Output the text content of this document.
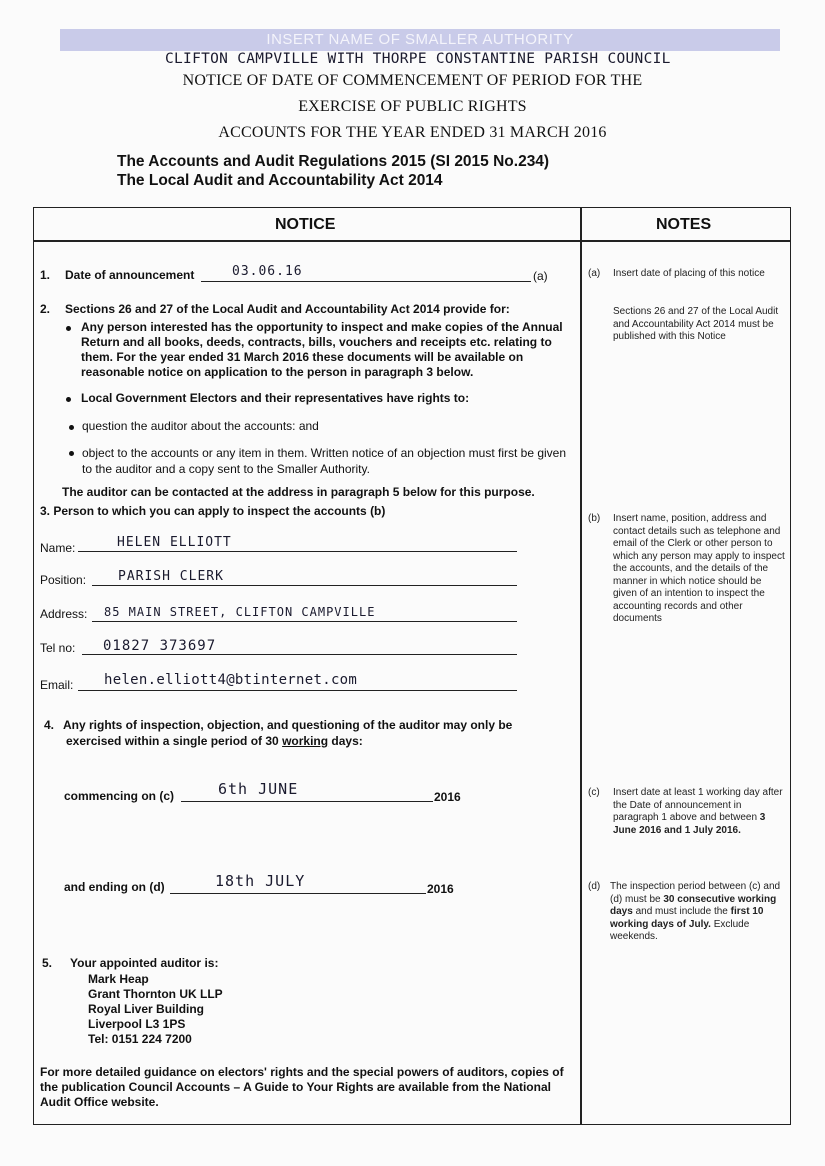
INSERT NAME OF SMALLER AUTHORITY
CLIFTON CAMPVILLE WITH THORPE CONSTANTINE PARISH COUNCIL
NOTICE OF DATE OF COMMENCEMENT OF PERIOD FOR THE
EXERCISE OF PUBLIC RIGHTS
ACCOUNTS FOR THE YEAR ENDED 31 MARCH 2016
The Accounts and Audit Regulations 2015 (SI 2015 No.234)
The Local Audit and Accountability Act 2014
NOTICE	NOTES
1. Date of announcement	03.06.16	(a)
2. Sections 26 and 27 of the Local Audit and Accountability Act 2014 provide for:
Any person interested has the opportunity to inspect and make copies of the Annual Return and all books, deeds, contracts, bills, vouchers and receipts etc. relating to them. For the year ended 31 March 2016 these documents will be available on reasonable notice on application to the person in paragraph 3 below.
Local Government Electors and their representatives have rights to:
question the auditor about the accounts: and
object to the accounts or any item in them. Written notice of an objection must first be given to the auditor and a copy sent to the Smaller Authority.
The auditor can be contacted at the address in paragraph 5 below for this purpose.
3. Person to which you can apply to inspect the accounts (b)
Name:	HELEN ELLIOTT
Position: PARISH CLERK
Address: 85 MAIN STREET, CLIFTON CAMPVILLE
Tel no: 01827 373697
Email: helen.elliott4@btinternet.com
4. Any rights of inspection, objection, and questioning of the auditor may only be
exercised within a single period of 30 working days:
commencing on (c)	6th JUNE	2016
and ending on (d)	18th JULY	2016
5. Your appointed auditor is:
Mark Heap
Grant Thornton UK LLP
Royal Liver Building
Liverpool L3 1PS
Tel: 0151 224 7200
For more detailed guidance on electors' rights and the special powers of auditors, copies of the publication Council Accounts – A Guide to Your Rights are available from the National Audit Office website.
(a) Insert date of placing of this notice
Sections 26 and 27 of the Local Audit and Accountability Act 2014 must be published with this Notice
(b) Insert name, position, address and contact details such as telephone and email of the Clerk or other person to which any person may apply to inspect the accounts, and the details of the manner in which notice should be given of an intention to inspect the accounting records and other documents
(c) Insert date at least 1 working day after the Date of announcement in paragraph 1 above and between 3 June 2016 and 1 July 2016.
(d) The inspection period between (c) and (d) must be 30 consecutive working days and must include the first 10 working days of July. Exclude weekends.
